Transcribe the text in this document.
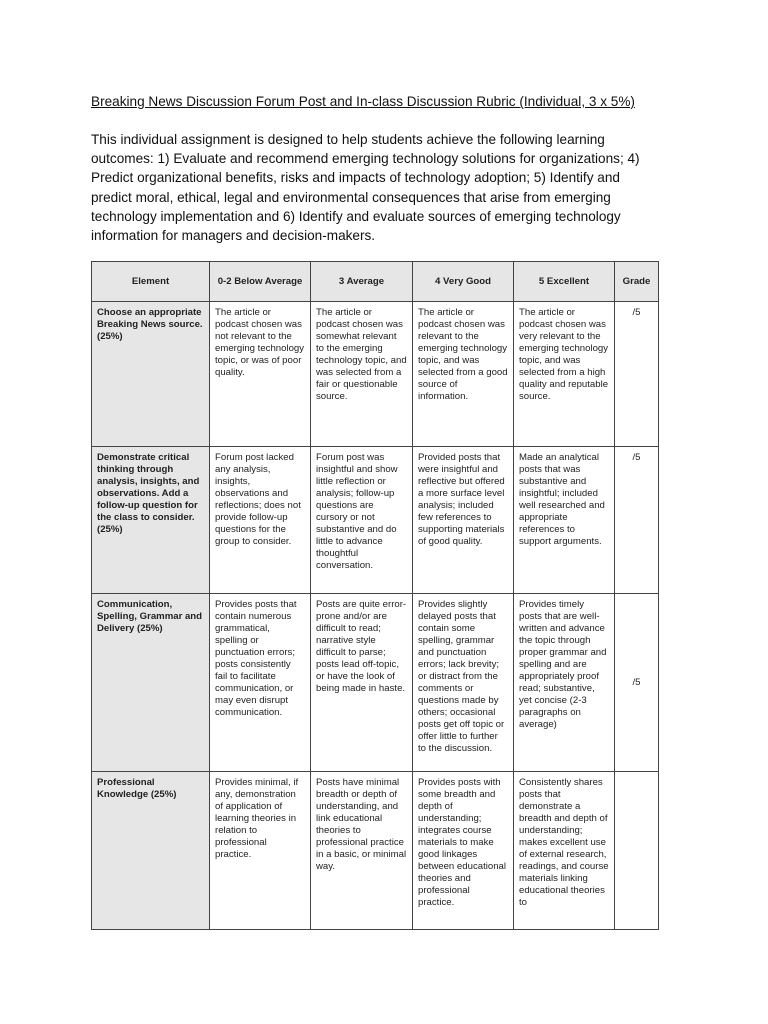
Breaking News Discussion Forum Post and In-class Discussion Rubric (Individual, 3 x 5%)
This individual assignment is designed to help students achieve the following learning outcomes: 1) Evaluate and recommend emerging technology solutions for organizations; 4) Predict organizational benefits, risks and impacts of technology adoption; 5) Identify and predict moral, ethical, legal and environmental consequences that arise from emerging technology implementation and 6) Identify and evaluate sources of emerging technology information for managers and decision-makers.
Element	0-2 Below Average	3 Average	4 Very Good	5 Excellent	Grade
Choose an appropriate Breaking News source. (25%)	The article or podcast chosen was not relevant to the emerging technology topic, or was of poor quality.	The article or podcast chosen was somewhat relevant to the emerging technology topic, and was selected from a fair or questionable source.	The article or podcast chosen was relevant to the emerging technology topic, and was selected from a good source of information.	The article or podcast chosen was very relevant to the emerging technology topic, and was selected from a high quality and reputable source.	/5
Demonstrate critical thinking through analysis, insights, and observations. Add a follow-up question for the class to consider. (25%)	Forum post lacked any analysis, insights, observations and reflections; does not provide follow-up questions for the group to consider.	Forum post was insightful and show little reflection or analysis; follow-up questions are cursory or not substantive and do little to advance thoughtful conversation.	Provided posts that were insightful and reflective but offered a more surface level analysis; included few references to supporting materials of good quality.	Made an analytical posts that was substantive and insightful; included well researched and appropriate references to support arguments.	/5
Communication, Spelling, Grammar and Delivery (25%)	Provides posts that contain numerous grammatical, spelling or punctuation errors; posts consistently fail to facilitate communication, or may even disrupt communication.	Posts are quite error-prone and/or are difficult to read; narrative style difficult to parse; posts lead off-topic, or have the look of being made in haste.	Provides slightly delayed posts that contain some spelling, grammar and punctuation errors; lack brevity; or distract from the comments or questions made by others; occasional posts get off topic or offer little to further to the discussion.	Provides timely posts that are well-written and advance the topic through proper grammar and spelling and are appropriately proof read; substantive, yet concise (2-3 paragraphs on average)	/5
Professional Knowledge (25%)	Provides minimal, if any, demonstration of application of learning theories in relation to professional practice.	Posts have minimal breadth or depth of understanding, and link educational theories to professional practice in a basic, or minimal way.	Provides posts with some breadth and depth of understanding; integrates course materials to make good linkages between educational theories and professional practice.	Consistently shares posts that demonstrate a breadth and depth of understanding; makes excellent use of external research, readings, and course materials linking educational theories to	
